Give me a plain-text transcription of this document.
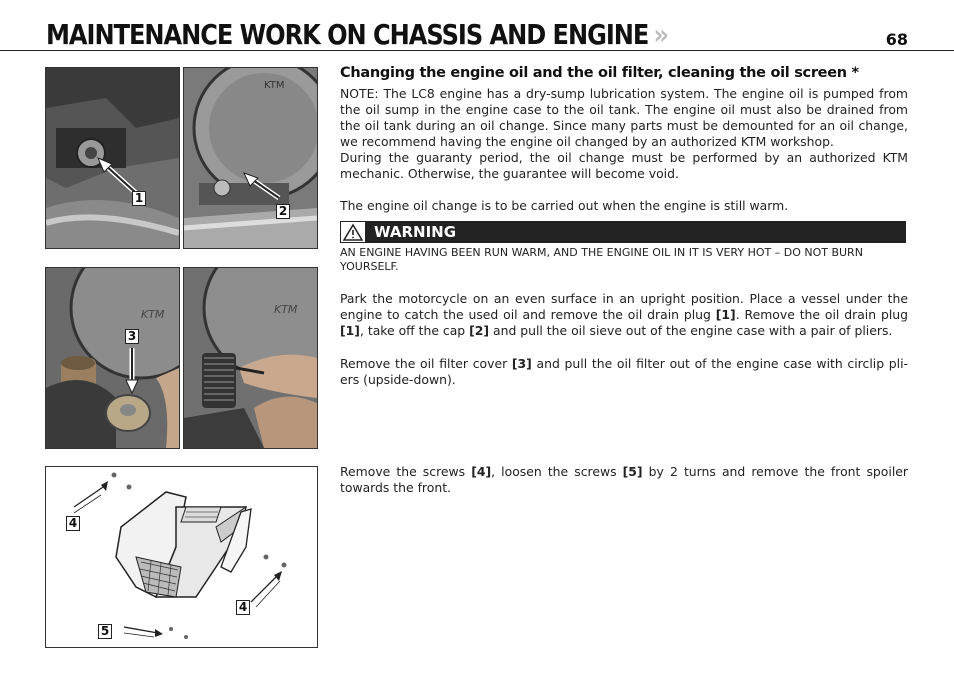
MAINTENANCE WORK ON CHASSIS AND ENGINE »	68
1
KTM
2
KTM
3
KTM
4
5
4
Changing the engine oil and the oil filter, cleaning the oil screen *

NOTE: The LC8 engine has a dry-sump lubrication system. The engine oil is pumped from the oil sump in the engine case to the oil tank. The engine oil must also be drained from the oil tank during an oil change. Since many parts must be demounted for an oil change, we recommend having the engine oil changed by an authorized KTM workshop.

During the guaranty period, the oil change must be performed by an authorized KTM mechanic. Otherwise, the guarantee will become void.

The engine oil change is to be carried out when the engine is still warm.

WARNING
AN ENGINE HAVING BEEN RUN WARM, AND THE ENGINE OIL IN IT IS VERY HOT – DO NOT BURN YOURSELF.

Park the motorcycle on an even surface in an upright position. Place a vessel under the engine to catch the used oil and remove the oil drain plug [1]. Remove the oil drain plug [1], take off the cap [2] and pull the oil sieve out of the engine case with a pair of pliers.

Remove the oil filter cover [3] and pull the oil filter out of the engine case with circlip pli-ers (upside-down).

Remove the screws [4], loosen the screws [5] by 2 turns and remove the front spoiler towards the front.
